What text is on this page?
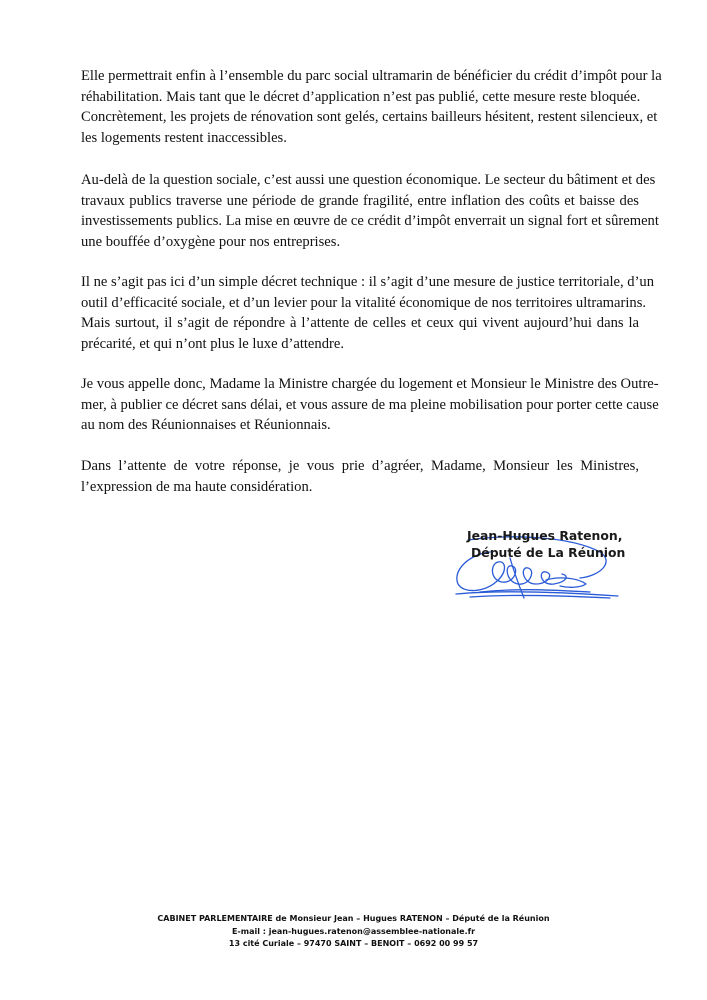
Elle permettrait enfin à l’ensemble du parc social ultramarin de bénéficier du crédit d’impôt pour la
réhabilitation. Mais tant que le décret d’application n’est pas publié, cette mesure reste bloquée.
Concrètement, les projets de rénovation sont gelés, certains bailleurs hésitent, restent silencieux, et
les logements restent inaccessibles.
Au-delà de la question sociale, c’est aussi une question économique. Le secteur du bâtiment et des
travaux publics traverse une période de grande fragilité, entre inflation des coûts et baisse des
investissements publics. La mise en œuvre de ce crédit d’impôt enverrait un signal fort et sûrement
une bouffée d’oxygène pour nos entreprises.
Il ne s’agit pas ici d’un simple décret technique : il s’agit d’une mesure de justice territoriale, d’un
outil d’efficacité sociale, et d’un levier pour la vitalité économique de nos territoires ultramarins.
Mais surtout, il s’agit de répondre à l’attente de celles et ceux qui vivent aujourd’hui dans la
précarité, et qui n’ont plus le luxe d’attendre.
Je vous appelle donc, Madame la Ministre chargée du logement et Monsieur le Ministre des Outre-
mer, à publier ce décret sans délai, et vous assure de ma pleine mobilisation pour porter cette cause
au nom des Réunionnaises et Réunionnais.
Dans l’attente de votre réponse, je vous prie d’agréer, Madame, Monsieur les Ministres,
l’expression de ma haute considération.

Jean-Hugues Ratenon,

Député de La Réunion

CABINET PARLEMENTAIRE de Monsieur Jean – Hugues RATENON – Député de la Réunion
E-mail : jean-hugues.ratenon@assemblee-nationale.fr
13 cité Curiale – 97470 SAINT – BENOIT – 0692 00 99 57
